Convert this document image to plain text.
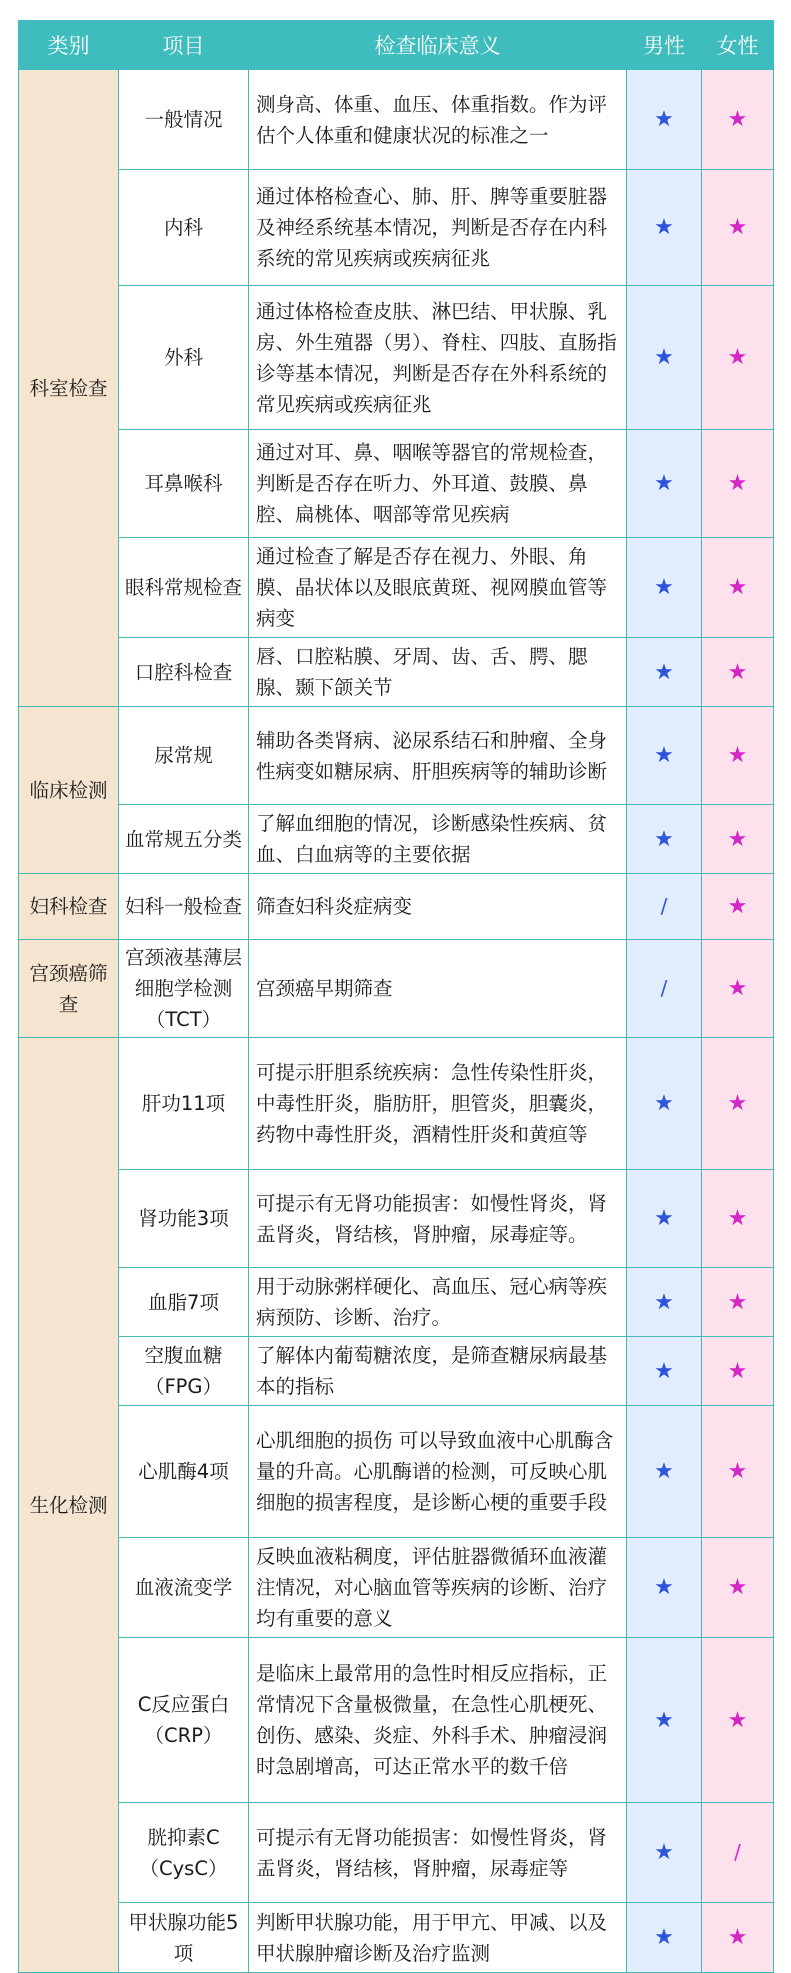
类别	项目	检查临床意义	男性	女性
科室检查	一般情况	测身高、体重、血压、体重指数。作为评估个人体重和健康状况的标准之一	★	★
	内科	通过体格检查心、肺、肝、脾等重要脏器及神经系统基本情况，判断是否存在内科系统的常见疾病或疾病征兆	★	★
	外科	通过体格检查皮肤、淋巴结、甲状腺、乳房、外生殖器（男）、脊柱、四肢、直肠指诊等基本情况，判断是否存在外科系统的常见疾病或疾病征兆	★	★
	耳鼻喉科	通过对耳、鼻、咽喉等器官的常规检查，判断是否存在听力、外耳道、鼓膜、鼻腔、扁桃体、咽部等常见疾病	★	★
	眼科常规检查	通过检查了解是否存在视力、外眼、角膜、晶状体以及眼底黄斑、视网膜血管等病变	★	★
	口腔科检查	唇、口腔粘膜、牙周、齿、舌、腭、腮腺、颞下颌关节	★	★
临床检测	尿常规	辅助各类肾病、泌尿系结石和肿瘤、全身性病变如糖尿病、肝胆疾病等的辅助诊断	★	★
	血常规五分类	了解血细胞的情况，诊断感染性疾病、贫血、白血病等的主要依据	★	★
妇科检查	妇科一般检查	筛查妇科炎症病变	/	★
宫颈癌筛查	宫颈液基薄层细胞学检测（TCT）	宫颈癌早期筛查	/	★
生化检测	肝功11项	可提示肝胆系统疾病：急性传染性肝炎，中毒性肝炎，脂肪肝，胆管炎，胆囊炎，药物中毒性肝炎，酒精性肝炎和黄疸等	★	★
	肾功能3项	可提示有无肾功能损害：如慢性肾炎，肾盂肾炎，肾结核，肾肿瘤，尿毒症等。	★	★
	血脂7项	用于动脉粥样硬化、高血压、冠心病等疾病预防、诊断、治疗。	★	★
	空腹血糖（FPG）	了解体内葡萄糖浓度，是筛查糖尿病最基本的指标	★	★
	心肌酶4项	心肌细胞的损伤 可以导致血液中心肌酶含量的升高。心肌酶谱的检测，可反映心肌细胞的损害程度，是诊断心梗的重要手段	★	★
	血液流变学	反映血液粘稠度，评估脏器微循环血液灌注情况，对心脑血管等疾病的诊断、治疗均有重要的意义	★	★
	C反应蛋白（CRP）	是临床上最常用的急性时相反应指标，正常情况下含量极微量，在急性心肌梗死、创伤、感染、炎症、外科手术、肿瘤浸润时急剧增高，可达正常水平的数千倍	★	★
	胱抑素C（CysC）	可提示有无肾功能损害：如慢性肾炎，肾盂肾炎，肾结核，肾肿瘤，尿毒症等	★	/
	甲状腺功能5项	判断甲状腺功能，用于甲亢、甲减、以及甲状腺肿瘤诊断及治疗监测	★	★
